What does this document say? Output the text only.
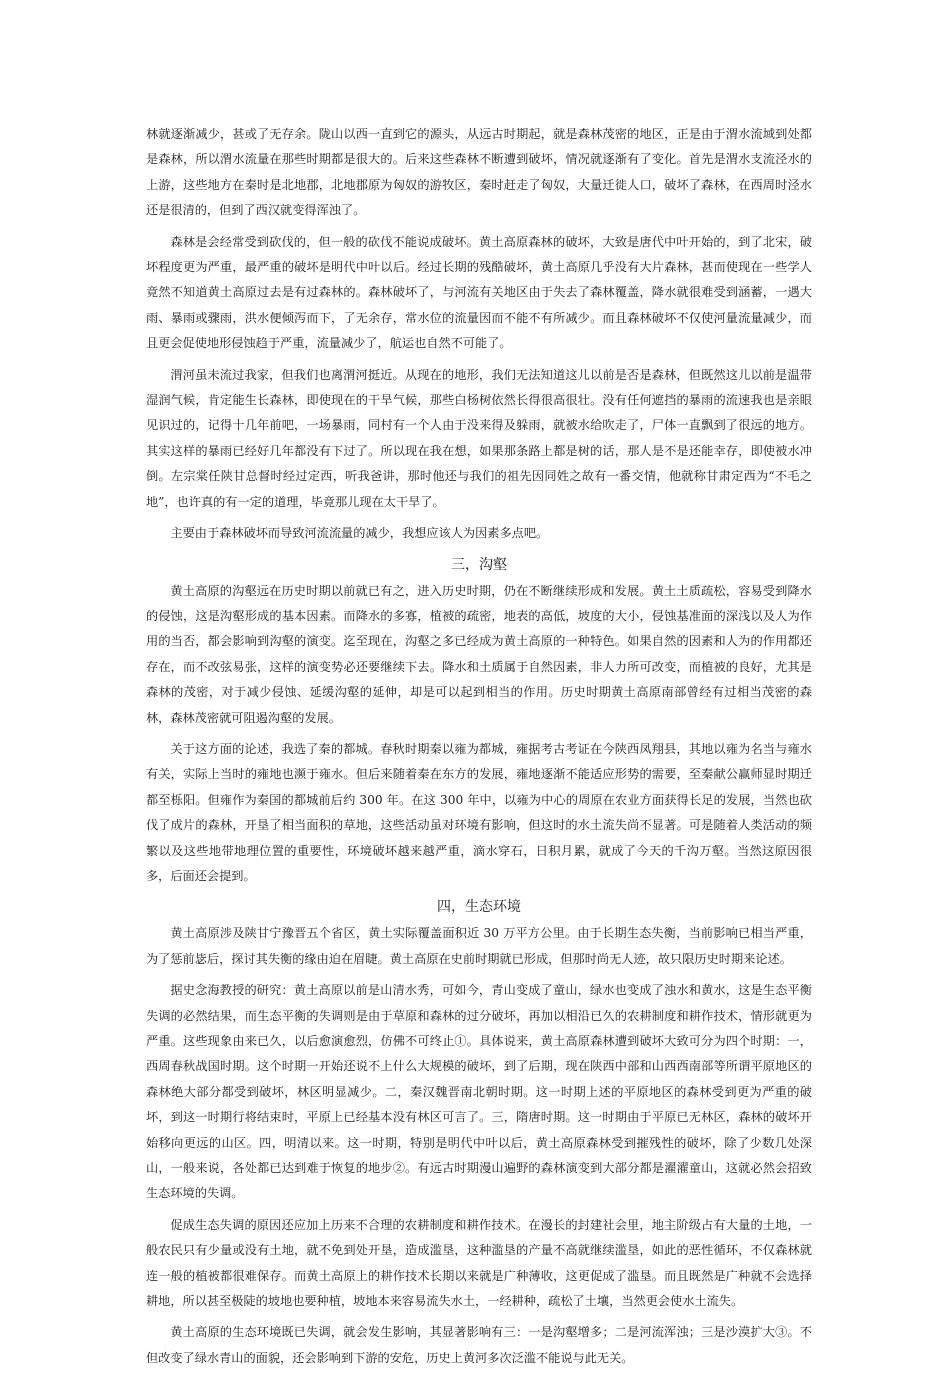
林就逐渐减少，甚或了无存余。陇山以西一直到它的源头，从远古时期起，就是森林茂密的地区，正是由于渭水流域到处都是森林，所以渭水流量在那些时期都是很大的。后来这些森林不断遭到破坏，情况就逐渐有了变化。首先是渭水支流泾水的上游，这些地方在秦时是北地郡，北地郡原为匈奴的游牧区，秦时赶走了匈奴，大量迁徙人口，破坏了森林，在西周时泾水还是很清的，但到了西汉就变得浑浊了。

森林是会经常受到砍伐的，但一般的砍伐不能说成破坏。黄土高原森林的破坏，大致是唐代中叶开始的，到了北宋，破坏程度更为严重，最严重的破坏是明代中叶以后。经过长期的残酷破坏，黄土高原几乎没有大片森林，甚而使现在一些学人竟然不知道黄土高原过去是有过森林的。森林破坏了，与河流有关地区由于失去了森林覆盖，降水就很难受到涵蓄，一遇大雨、暴雨或骤雨，洪水便倾泻而下，了无余存，常水位的流量因而不能不有所减少。而且森林破坏不仅使河量流量减少，而且更会促使地形侵蚀趋于严重，流量减少了，航运也自然不可能了。

渭河虽未流过我家，但我们也离渭河挺近。从现在的地形，我们无法知道这儿以前是否是森林，但既然这儿以前是温带湿润气候，肯定能生长森林，即使现在的干旱气候，那些白杨树依然长得很高很壮。没有任何遮挡的暴雨的流速我也是亲眼见识过的，记得十几年前吧，一场暴雨，同村有一个人由于没来得及躲雨，就被水给吹走了，尸体一直飘到了很远的地方。其实这样的暴雨已经好几年都没有下过了。所以现在我在想，如果那条路上都是树的话，那人是不是还能幸存，即使被水冲倒。左宗棠任陕甘总督时经过定西，听我爸讲，那时他还与我们的祖先因同姓之故有一番交情，他就称甘肃定西为“不毛之地”，也许真的有一定的道理，毕竟那儿现在太干旱了。

主要由于森林破坏而导致河流流量的减少，我想应该人为因素多点吧。

三，沟壑

黄土高原的沟壑远在历史时期以前就已有之，进入历史时期，仍在不断继续形成和发展。黄土土质疏松，容易受到降水的侵蚀，这是沟壑形成的基本因素。而降水的多寡，植被的疏密，地表的高低，坡度的大小，侵蚀基准面的深浅以及人为作用的当否，都会影响到沟壑的演变。迄至现在，沟壑之多已经成为黄土高原的一种特色。如果自然的因素和人为的作用都还存在，而不改弦易张，这样的演变势必还要继续下去。降水和土质属于自然因素，非人力所可改变，而植被的良好，尤其是森林的茂密，对于减少侵蚀、延缓沟壑的延伸，却是可以起到相当的作用。历史时期黄土高原南部曾经有过相当茂密的森林，森林茂密就可阻遏沟壑的发展。

关于这方面的论述，我选了秦的都城。春秋时期秦以雍为都城，雍据考古考证在今陕西凤翔县，其地以雍为名当与雍水有关，实际上当时的雍地也濒于雍水。但后来随着秦在东方的发展，雍地逐渐不能适应形势的需要，至秦献公赢师显时期迁都至栎阳。但雍作为秦国的都城前后约 300 年。在这 300 年中，以雍为中心的周原在农业方面获得长足的发展，当然也砍伐了成片的森林，开垦了相当面积的草地，这些活动虽对环境有影响，但这时的水土流失尚不显著。可是随着人类活动的频繁以及这些地带地理位置的重要性，环境破坏越来越严重，滴水穿石，日积月累，就成了今天的千沟万壑。当然这原因很多，后面还会提到。

四，生态环境

黄土高原涉及陕甘宁豫晋五个省区，黄土实际覆盖面积近 30 万平方公里。由于长期生态失衡，当前影响已相当严重，为了惩前毖后，探讨其失衡的缘由迫在眉睫。黄土高原在史前时期就已形成，但那时尚无人迹，故只限历史时期来论述。

据史念海教授的研究：黄土高原以前是山清水秀，可如今，青山变成了童山，绿水也变成了浊水和黄水，这是生态平衡失调的必然结果，而生态平衡的失调则是由于草原和森林的过分破坏，再加以相沿已久的农耕制度和耕作技术，情形就更为严重。这些现象由来已久，以后愈演愈烈，仿佛不可终止①。具体说来，黄土高原森林遭到破坏大致可分为四个时期：一，西周春秋战国时期。这个时期一开始还说不上什么大规模的破坏，到了后期，现在陕西中部和山西西南部等所谓平原地区的森林绝大部分都受到破坏，林区明显减少。二，秦汉魏晋南北朝时期。这一时期上述的平原地区的森林受到更为严重的破坏，到这一时期行将结束时，平原上已经基本没有林区可言了。三，隋唐时期。这一时期由于平原已无林区，森林的破坏开始移向更远的山区。四，明清以来。这一时期，特别是明代中叶以后，黄土高原森林受到摧残性的破坏，除了少数几处深山，一般来说，各处都已达到难于恢复的地步②。有远古时期漫山遍野的森林演变到大部分都是濯濯童山，这就必然会招致生态环境的失调。

促成生态失调的原因还应加上历来不合理的农耕制度和耕作技术。在漫长的封建社会里，地主阶级占有大量的土地，一般农民只有少量或没有土地，就不免到处开垦，造成滥垦，这种滥垦的产量不高就继续滥垦，如此的恶性循环，不仅森林就连一般的植被都很难保存。而黄土高原上的耕作技术长期以来就是广种薄收，这更促成了滥垦。而且既然是广种就不会选择耕地，所以甚至极陡的坡地也要种植，坡地本来容易流失水土，一经耕种，疏松了土壤，当然更会使水土流失。

黄土高原的生态环境既已失调，就会发生影响，其显著影响有三：一是沟壑增多；二是河流浑浊；三是沙漠扩大③。不但改变了绿水青山的面貌，还会影响到下游的安危，历史上黄河多次泛滥不能说与此无关。
